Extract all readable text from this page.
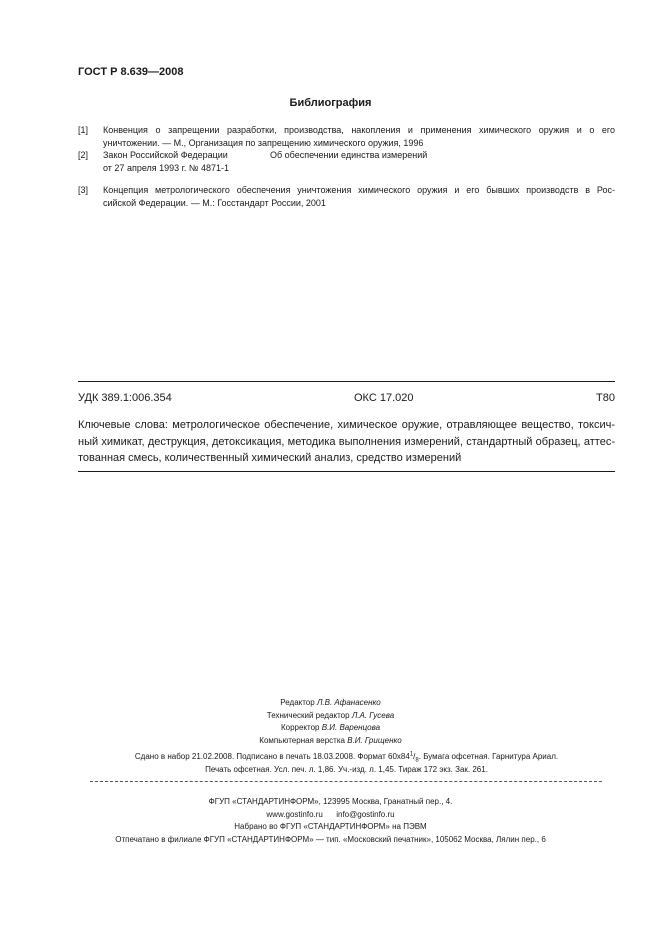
ГОСТ Р 8.639—2008
Библиография
[1] Конвенция о запрещении разработки, производства, накопления и применения химического оружия и о его
уничтожении. — М., Организация по запрещению химического оружия, 1996
[2] Закон Российской Федерации	Об обеспечении единства измерений
от 27 апреля 1993 г. № 4871-1
[3] Концепция метрологического обеспечения уничтожения химического оружия и его бывших производств в Рос-
сийской Федерации. — М.: Госстандарт России, 2001
УДК 389.1:006.354	ОКС 17.020	Т80
Ключевые слова: метрологическое обеспечение, химическое оружие, отравляющее вещество, токсич-
ный химикат, деструкция, детоксикация, методика выполнения измерений, стандартный образец, аттес-
тованная смесь, количественный химический анализ, средство измерений
Редактор Л.В. Афанасенко
Технический редактор Л.А. Гусева
Корректор В.И. Варенцова
Компьютерная верстка В.И. Грищенко
Сдано в набор 21.02.2008. Подписано в печать 18.03.2008. Формат $60х84^1/_8$. Бумага офсетная. Гарнитура Ариал.
Печать офсетная. Усл. печ. л. 1,86. Уч.-изд. л. 1,45. Тираж 172 экз. Зак. 261.
ФГУП «СТАНДАРТИНФОРМ», 123995 Москва, Гранатный пер., 4.
www.gostinfo.ru info@gostinfo.ru
Набрано во ФГУП «СТАНДАРТИНФОРМ» на ПЭВМ
Отпечатано в филиале ФГУП «СТАНДАРТИНФОРМ» — тип. «Московский печатник», 105062 Москва, Лялин пер., 6
